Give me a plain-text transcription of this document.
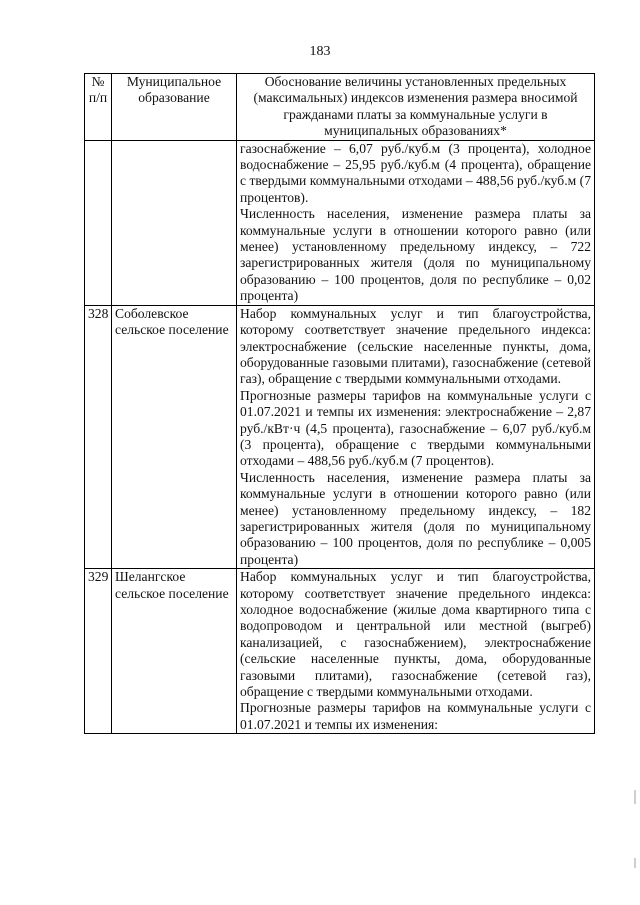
183
№ п/п	Муниципальное образование	Обоснование величины установленных предельных (максимальных) индексов изменения размера вносимой гражданами платы за коммунальные услуги в муниципальных образованиях*

		газоснабжение – 6,07 руб./куб.м (3 процента), холодное водоснабжение – 25,95 руб./куб.м (4 процента), обращение с твердыми коммунальными отходами – 488,56 руб./куб.м (7 процентов).

Численность населения, изменение размера платы за коммунальные услуги в отношении которого равно (или менее) установленному предельному индексу, – 722 зарегистрированных жителя (доля по муниципальному образованию – 100 процентов, доля по республике – 0,02 процента)

328	Соболевское сельское поселение	Набор коммунальных услуг и тип благоустройства, которому соответствует значение предельного индекса: электроснабжение (сельские населенные пункты, дома, оборудованные газовыми плитами), газоснабжение (сетевой газ), обращение с твердыми коммунальными отходами.

Прогнозные размеры тарифов на коммунальные услуги с 01.07.2021 и темпы их изменения: электроснабжение – 2,87 руб./кВт·ч (4,5 процента), газоснабжение – 6,07 руб./куб.м (3 процента), обращение с твердыми коммунальными отходами – 488,56 руб./куб.м (7 процентов).

Численность населения, изменение размера платы за коммунальные услуги в отношении которого равно (или менее) установленному предельному индексу, – 182 зарегистрированных жителя (доля по муниципальному образованию – 100 процентов, доля по республике – 0,005 процента)

329	Шелангское сельское поселение	Набор коммунальных услуг и тип благоустройства, которому соответствует значение предельного индекса: холодное водоснабжение (жилые дома квартирного типа с водопроводом и центральной или местной (выгреб) канализацией, с газоснабжением), электроснабжение (сельские населенные пункты, дома, оборудованные газовыми плитами), газоснабжение (сетевой газ), обращение с твердыми коммунальными отходами.

Прогнозные размеры тарифов на коммунальные услуги с 01.07.2021 и темпы их изменения:
